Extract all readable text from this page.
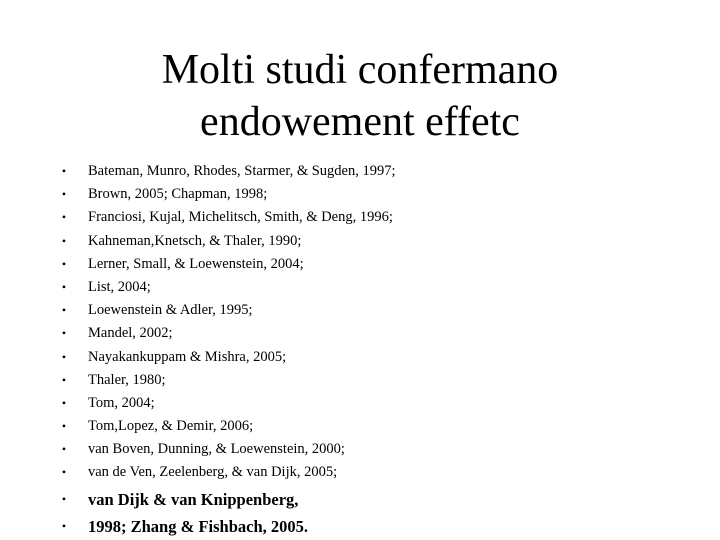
Molti studi confermano
endowement effetc
• Bateman, Munro, Rhodes, Starmer, & Sugden, 1997;
• Brown, 2005; Chapman, 1998;
• Franciosi, Kujal, Michelitsch, Smith, & Deng, 1996;
• Kahneman,Knetsch, & Thaler, 1990;
• Lerner, Small, & Loewenstein, 2004;
• List, 2004;
• Loewenstein & Adler, 1995;
• Mandel, 2002;
• Nayakankuppam & Mishra, 2005;
• Thaler, 1980;
• Tom, 2004;
• Tom,Lopez, & Demir, 2006;
• van Boven, Dunning, & Loewenstein, 2000;
• van de Ven, Zeelenberg, & van Dijk, 2005;
• van Dijk & van Knippenberg,
• 1998; Zhang & Fishbach, 2005.
